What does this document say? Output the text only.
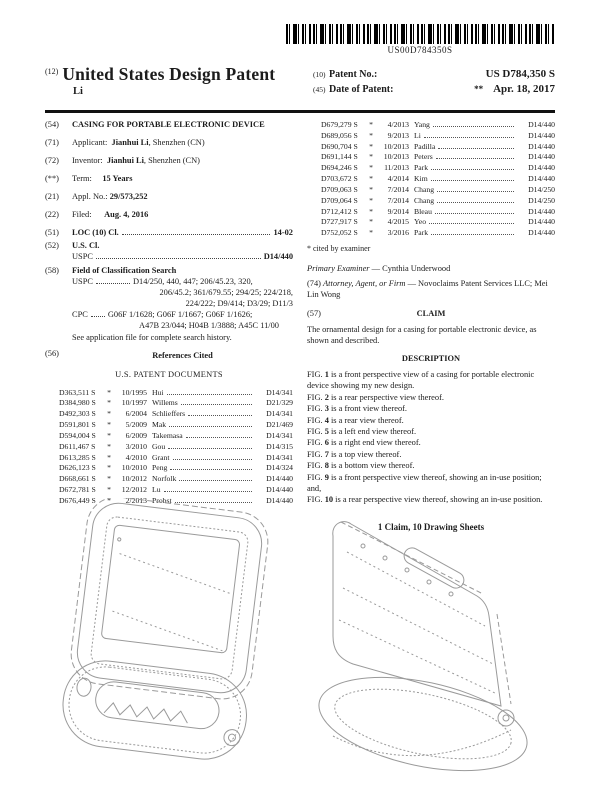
US00D784350S
$^{(12)}$ United States Design Patent
Li
(10) Patent No.:	US D784,350 S
(45) Date of Patent:	** Apr. 18, 2017
(54)	CASING FOR PORTABLE ELECTRONIC DEVICE
(71)	Applicant: Jianhui Li, Shenzhen (CN)
(72)	Inventor: Jianhui Li, Shenzhen (CN)
(**)	Term: 15 Years
(21)	Appl. No.: 29/573,252
(22)	Filed: Aug. 4, 2016
(51)	LOC (10) Cl.	14-02
(52)	U.S. Cl.
USPC	D14/440
(58)	Field of Classification Search
USPC	D14/250, 440, 447; 206/45.23, 320,
206/45.2; 361/679.55; 294/25; 224/218,
224/222; D9/414; D3/29; D11/3
CPC G06F 1/1628; G06F 1/1667; G06F 1/1626;
A47B 23/044; H04B 1/3888; A45C 11/00
See application file for complete search history.
(56)	References Cited
U.S. PATENT DOCUMENTS
D363,511 S	*	10/1995 Hui	D14/341
D384,980 S	*	10/1997 Willems	D21/329
D492,303 S	*	6/2004 Schlieffers	D14/341
D591,801 S	*	5/2009 Mak	D21/469
D594,004 S	*	6/2009 Takemasa	D14/341
D611,467 S	*	3/2010 Gou	D14/315
D613,285 S	*	4/2010 Grant	D14/341
D626,123 S	*	10/2010 Peng	D14/324
D668,661 S	*	10/2012 Norfolk	D14/440
D672,781 S	*	12/2012 Lu	D14/440
D676,449 S	*	2/2013 Probst	D14/440
D679,279 S	*	4/2013 Yang	D14/440
D689,056 S	*	9/2013 Li	D14/440
D690,704 S	*	10/2013 Padilla	D14/440
D691,144 S	*	10/2013 Peters	D14/440
D694,246 S	*	11/2013 Park	D14/440
D703,672 S	*	4/2014 Kim	D14/440
D709,063 S	*	7/2014 Chang	D14/250
D709,064 S	*	7/2014 Chang	D14/250
D712,412 S	*	9/2014 Bleau	D14/440
D727,917 S	*	4/2015 Yeo	D14/440
D752,052 S	*	3/2016 Park	D14/440
* cited by examiner
Primary Examiner — Cynthia Underwood
(74) Attorney, Agent, or Firm — Novoclaims Patent Services LLC; Mei Lin Wong
(57)	CLAIM
The ornamental design for a casing for portable electronic device, as shown and described.
DESCRIPTION
FIG. 1 is a front perspective view of a casing for portable electronic device showing my new design.
FIG. 2 is a rear perspective view thereof.
FIG. 3 is a front view thereof.
FIG. 4 is a rear view thereof.
FIG. 5 is a left end view thereof.
FIG. 6 is a right end view thereof.
FIG. 7 is a top view thereof.
FIG. 8 is a bottom view thereof.
FIG. 9 is a front perspective view thereof, showing an in-use position; and,
FIG. 10 is a rear perspective view thereof, showing an in-use position.
1 Claim, 10 Drawing Sheets
